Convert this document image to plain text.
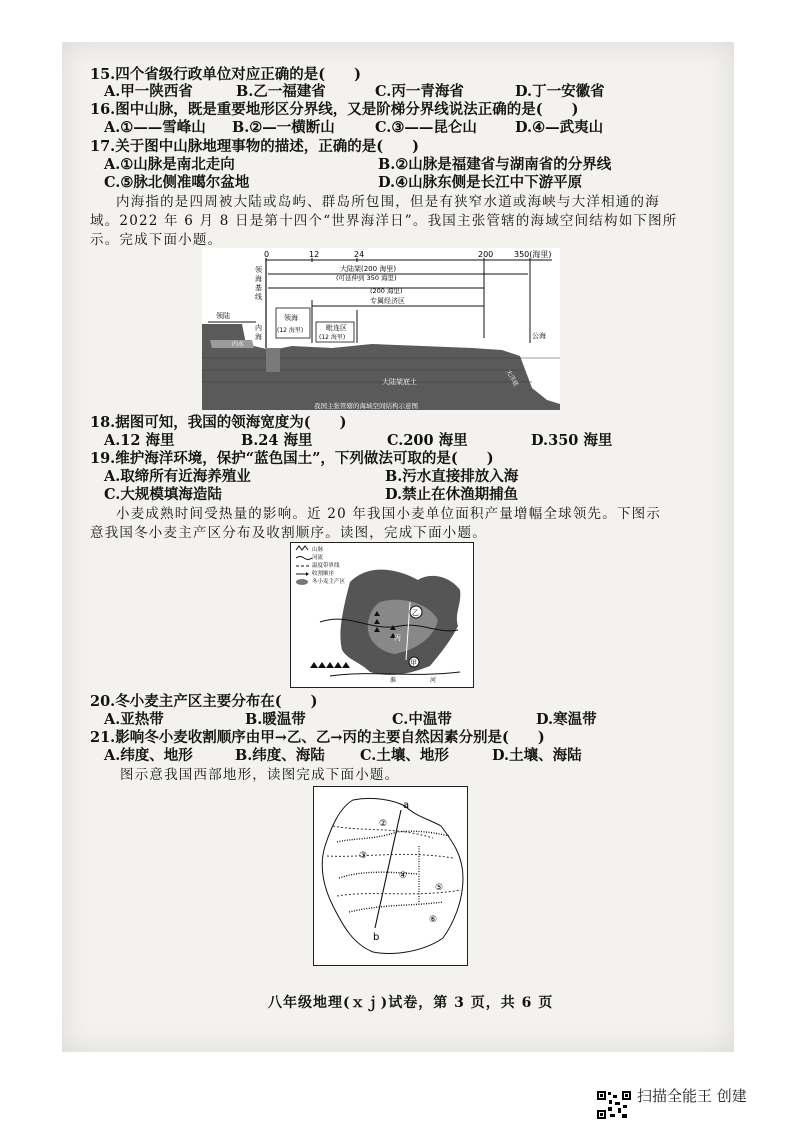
15.四个省级行政单位对应正确的是(　　)
A.甲一陕西省	B.乙一福建省	C.丙一青海省	D.丁一安徽省
16.图中山脉，既是重要地形区分界线，又是阶梯分界线说法正确的是(　　)
A.①——雪峰山 B.②—一横断山	C.③——昆仑山	D.④—武夷山
17.关于图中山脉地理事物的描述，正确的是(　　)
A.①山脉是南北走向	B.②山脉是福建省与湖南省的分界线
C.⑤脉北侧准噶尔盆地	D.④山脉东侧是长江中下游平原
内海指的是四周被大陆或岛屿、群岛所包围，但是有狭窄水道或海峡与大洋相通的海
域。2022 年 6 月 8 日是第十四个“世界海洋日”。我国主张管辖的海域空间结构如下图所
示。完成下面小题。
0	12	24	200	350(海里)
领
海
基
线
大陆架(200 海里)
(可延伸到 350 海里)
(200 海里)
专属经济区
领海
(12 海里)	毗连区
(12 海里)
领陆
内
海	公海
内水
大陆架底土	大洋底
我国主张管辖的海域空间结构示意图
18.据图可知，我国的领海宽度为(　　)
A.12 海里	B.24 海里	C.200 海里	D.350 海里
19.维护海洋环境，保护“蓝色国土”，下列做法可取的是(　　)
A.取缔所有近海养殖业	B.污水直接排放入海
C.大规模填海造陆	D.禁止在休渔期捕鱼
小麦成熟时间受热量的影响。近 20 年我国小麦单位面积产量增幅全球领先。下图示
意我国冬小麦主产区分布及收割顺序。读图，完成下面小题。
山脉
河流
温度带界线
收割顺序
冬小麦主产区
乙
丙
甲
淮	河
20.冬小麦主产区主要分布在(　　)
A.亚热带	B.暖温带	C.中温带	D.寒温带
21.影响冬小麦收割顺序由甲→乙、乙→丙的主要自然因素分别是(　　)
A.纬度、地形	B.纬度、海陆 C.土壤、地形	D.土壤、海陆
图示意我国西部地形，读图完成下面小题。
a
b
②
③
④
⑤
⑥
八年级地理(ｘｊ)试卷，第 3 页，共 6 页
扫描全能王 创建
